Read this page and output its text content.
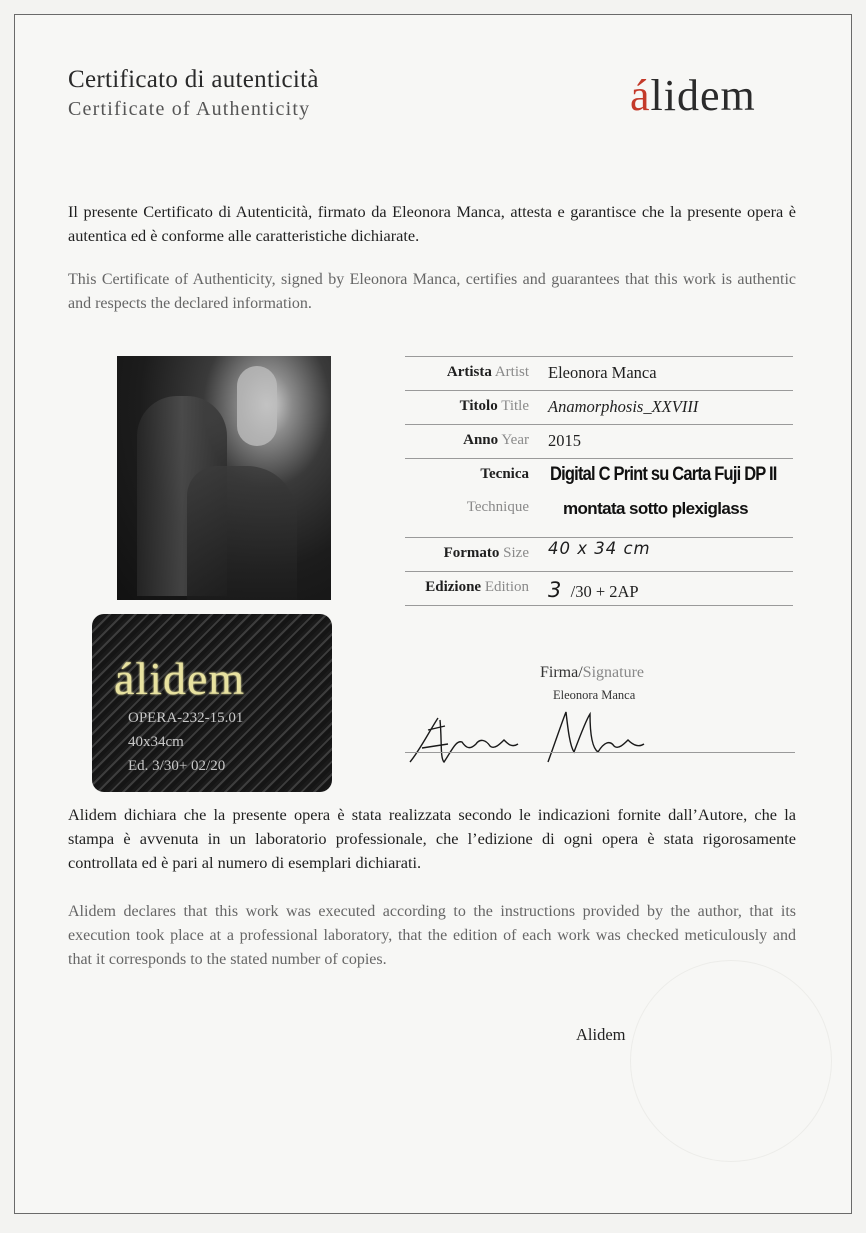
Certificato di autenticità
Certificate of Authenticity	álidem
Il presente Certificato di Autenticità, firmato da Eleonora Manca, attesta e garantisce che la presente opera è autentica ed è conforme alle caratteristiche dichiarate.
This Certificate of Authenticity, signed by Eleonora Manca, certifies and guarantees that this work is authentic and respects the declared information.
álidem
OPERA-232-15.01
40x34cm
Ed. 3/30+ 02/20
Artista Artist Eleonora Manca
Titolo Title Anamorphosis_XXVIII
Anno Year 2015
Tecnica
Technique
Digital C Print su Carta Fuji DP II
montata sotto plexiglass
Formato Size 40 x 34 cm
Edizione Edition 3 /30 + 2AP
Firma/Signature
Eleonora Manca
Alidem dichiara che la presente opera è stata realizzata secondo le indicazioni fornite dall’Autore, che la stampa è avvenuta in un laboratorio professionale, che l’edizione di ogni opera è stata rigorosamente controllata ed è pari al numero di esemplari dichiarati.
Alidem declares that this work was executed according to the instructions provided by the author, that its execution took place at a professional laboratory, that the edition of each work was checked meticulously and that it corresponds to the stated number of copies.
Alidem
